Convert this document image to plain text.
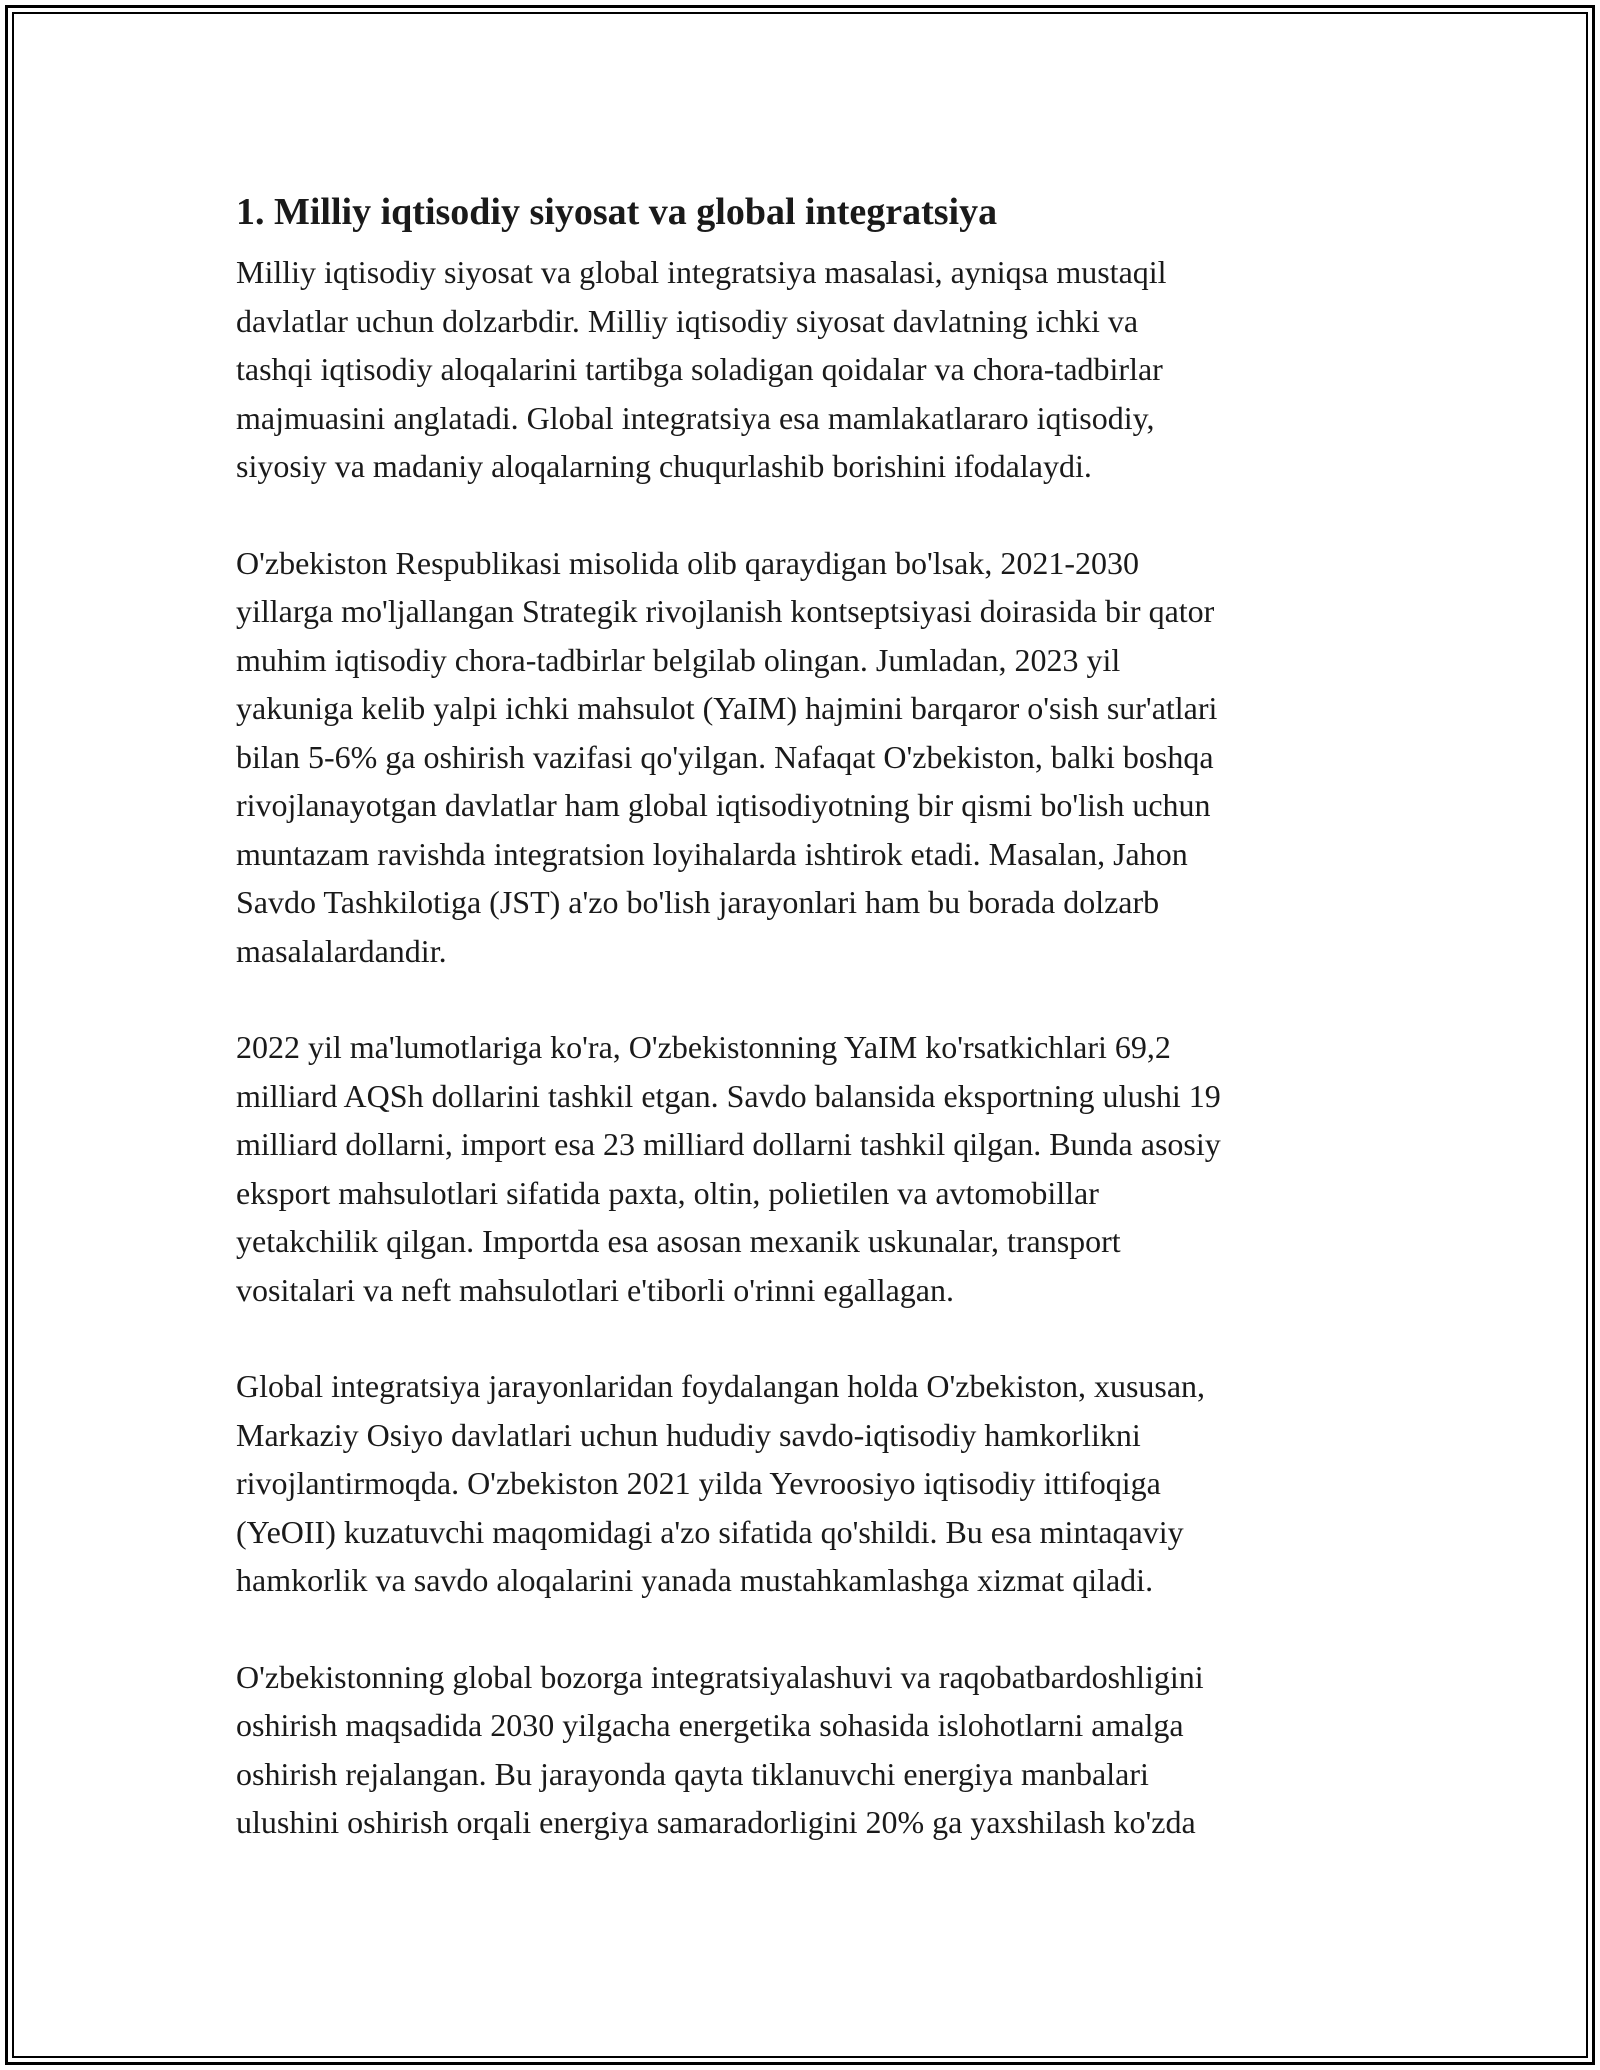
1. Milliy iqtisodiy siyosat va global integratsiya

Milliy iqtisodiy siyosat va global integratsiya masalasi, ayniqsa mustaqil
davlatlar uchun dolzarbdir. Milliy iqtisodiy siyosat davlatning ichki va
tashqi iqtisodiy aloqalarini tartibga soladigan qoidalar va chora-tadbirlar
majmuasini anglatadi. Global integratsiya esa mamlakatlararo iqtisodiy,
siyosiy va madaniy aloqalarning chuqurlashib borishini ifodalaydi.

O'zbekiston Respublikasi misolida olib qaraydigan bo'lsak, 2021-2030
yillarga mo'ljallangan Strategik rivojlanish kontseptsiyasi doirasida bir qator
muhim iqtisodiy chora-tadbirlar belgilab olingan. Jumladan, 2023 yil
yakuniga kelib yalpi ichki mahsulot (YaIM) hajmini barqaror o'sish sur'atlari
bilan 5-6% ga oshirish vazifasi qo'yilgan. Nafaqat O'zbekiston, balki boshqa
rivojlanayotgan davlatlar ham global iqtisodiyotning bir qismi bo'lish uchun
muntazam ravishda integratsion loyihalarda ishtirok etadi. Masalan, Jahon
Savdo Tashkilotiga (JST) a'zo bo'lish jarayonlari ham bu borada dolzarb
masalalardandir.

2022 yil ma'lumotlariga ko'ra, O'zbekistonning YaIM ko'rsatkichlari 69,2
milliard AQSh dollarini tashkil etgan. Savdo balansida eksportning ulushi 19
milliard dollarni, import esa 23 milliard dollarni tashkil qilgan. Bunda asosiy
eksport mahsulotlari sifatida paxta, oltin, polietilen va avtomobillar
yetakchilik qilgan. Importda esa asosan mexanik uskunalar, transport
vositalari va neft mahsulotlari e'tiborli o'rinni egallagan.

Global integratsiya jarayonlaridan foydalangan holda O'zbekiston, xususan,
Markaziy Osiyo davlatlari uchun hududiy savdo-iqtisodiy hamkorlikni
rivojlantirmoqda. O'zbekiston 2021 yilda Yevroosiyo iqtisodiy ittifoqiga
(YeOII) kuzatuvchi maqomidagi a'zo sifatida qo'shildi. Bu esa mintaqaviy
hamkorlik va savdo aloqalarini yanada mustahkamlashga xizmat qiladi.

O'zbekistonning global bozorga integratsiyalashuvi va raqobatbardoshligini
oshirish maqsadida 2030 yilgacha energetika sohasida islohotlarni amalga
oshirish rejalangan. Bu jarayonda qayta tiklanuvchi energiya manbalari
ulushini oshirish orqali energiya samaradorligini 20% ga yaxshilash ko'zda
